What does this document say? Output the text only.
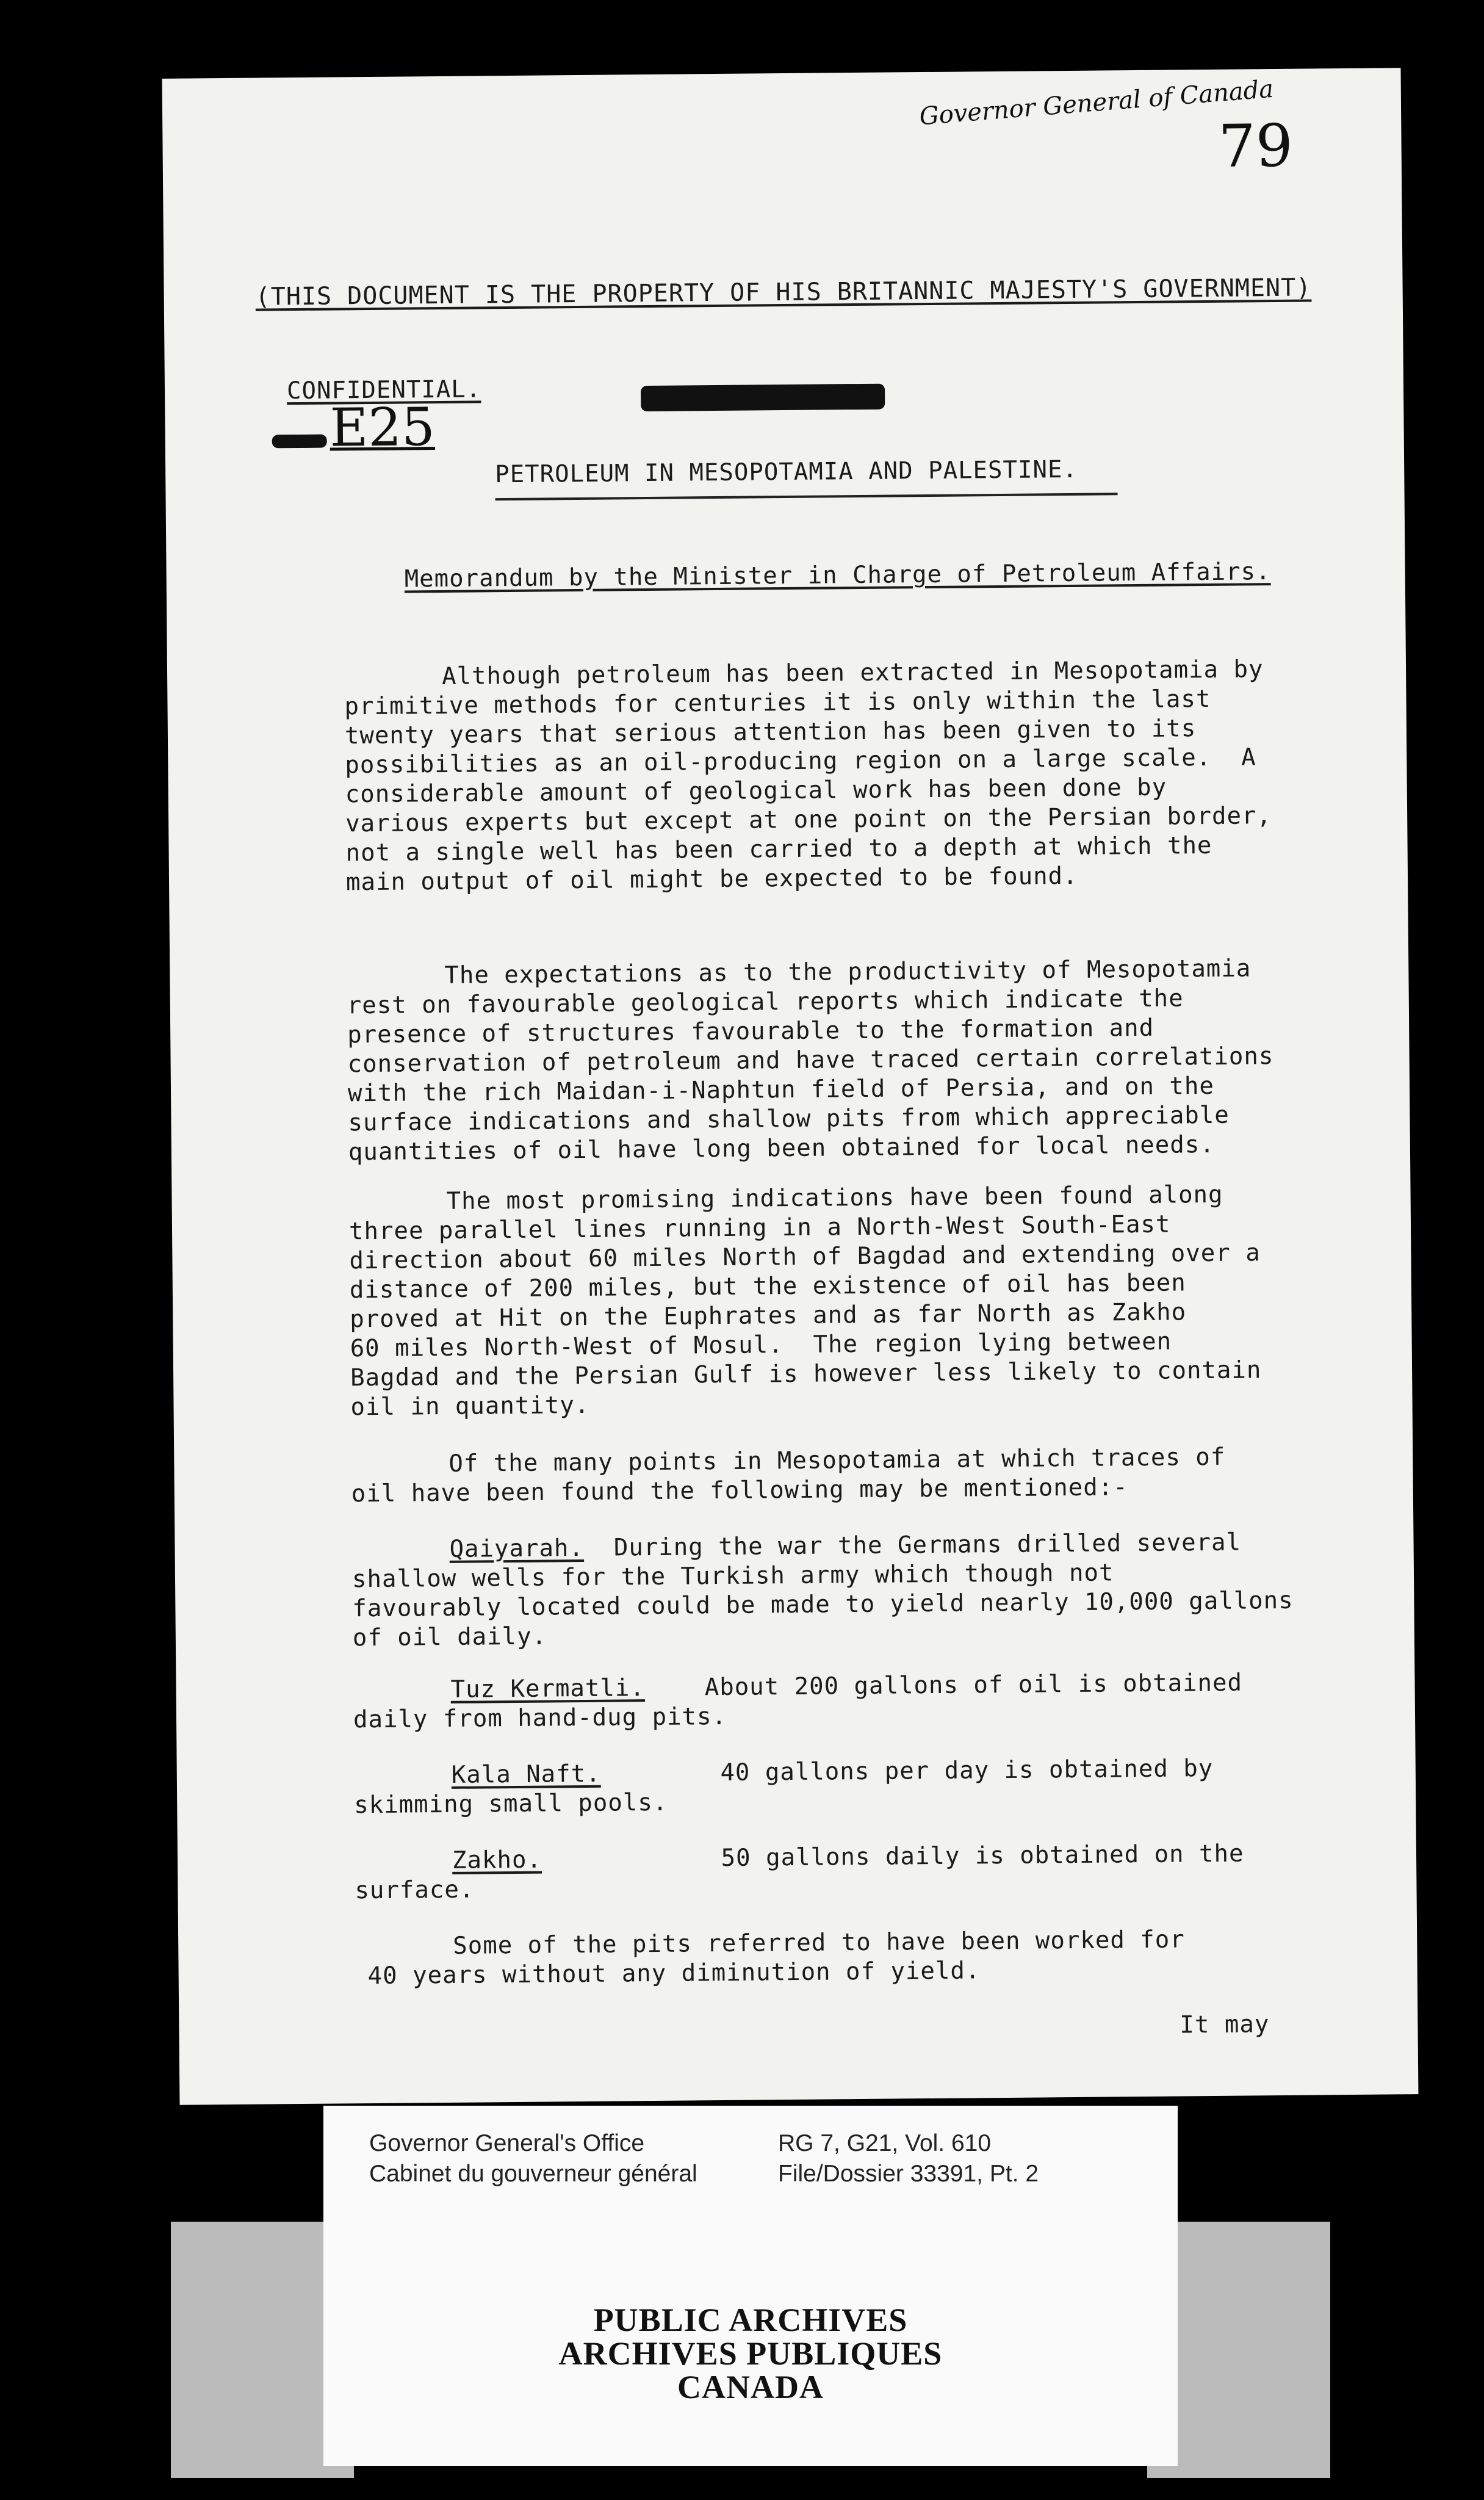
Governor General of Canada
79
(THIS DOCUMENT IS THE PROPERTY OF HIS BRITANNIC MAJESTY'S GOVERNMENT)
CONFIDENTIAL.
E25
PETROLEUM IN MESOPOTAMIA AND PALESTINE.
Memorandum by the Minister in Charge of Petroleum Affairs.
Although petroleum has been extracted in Mesopotamia by
primitive methods for centuries it is only within the last
twenty years that serious attention has been given to its
possibilities as an oil-producing region on a large scale.  A
considerable amount of geological work has been done by
various experts but except at one point on the Persian border,
not a single well has been carried to a depth at which the
main output of oil might be expected to be found.
The expectations as to the productivity of Mesopotamia
rest on favourable geological reports which indicate the
presence of structures favourable to the formation and
conservation of petroleum and have traced certain correlations
with the rich Maidan-i-Naphtun field of Persia, and on the
surface indications and shallow pits from which appreciable
quantities of oil have long been obtained for local needs.
The most promising indications have been found along
three parallel lines running in a North-West South-East
direction about 60 miles North of Bagdad and extending over a
distance of 200 miles, but the existence of oil has been
proved at Hit on the Euphrates and as far North as Zakho
60 miles North-West of Mosul.  The region lying between
Bagdad and the Persian Gulf is however less likely to contain
oil in quantity.
Of the many points in Mesopotamia at which traces of
oil have been found the following may be mentioned:-
Qaiyarah. During the war the Germans drilled several
shallow wells for the Turkish army which though not
favourably located could be made to yield nearly 10,000 gallons
of oil daily.
Tuz Kermatli.	About 200 gallons of oil is obtained
daily from hand-dug pits.
Kala Naft.	40 gallons per day is obtained by
skimming small pools.
Zakho.	50 gallons daily is obtained on the
surface.
Some of the pits referred to have been worked for
40 years without any diminution of yield.
It may
Governor General's Office
Cabinet du gouverneur général
RG 7, G21, Vol. 610
File/Dossier 33391, Pt. 2
PUBLIC ARCHIVES
ARCHIVES PUBLIQUES
CANADA
